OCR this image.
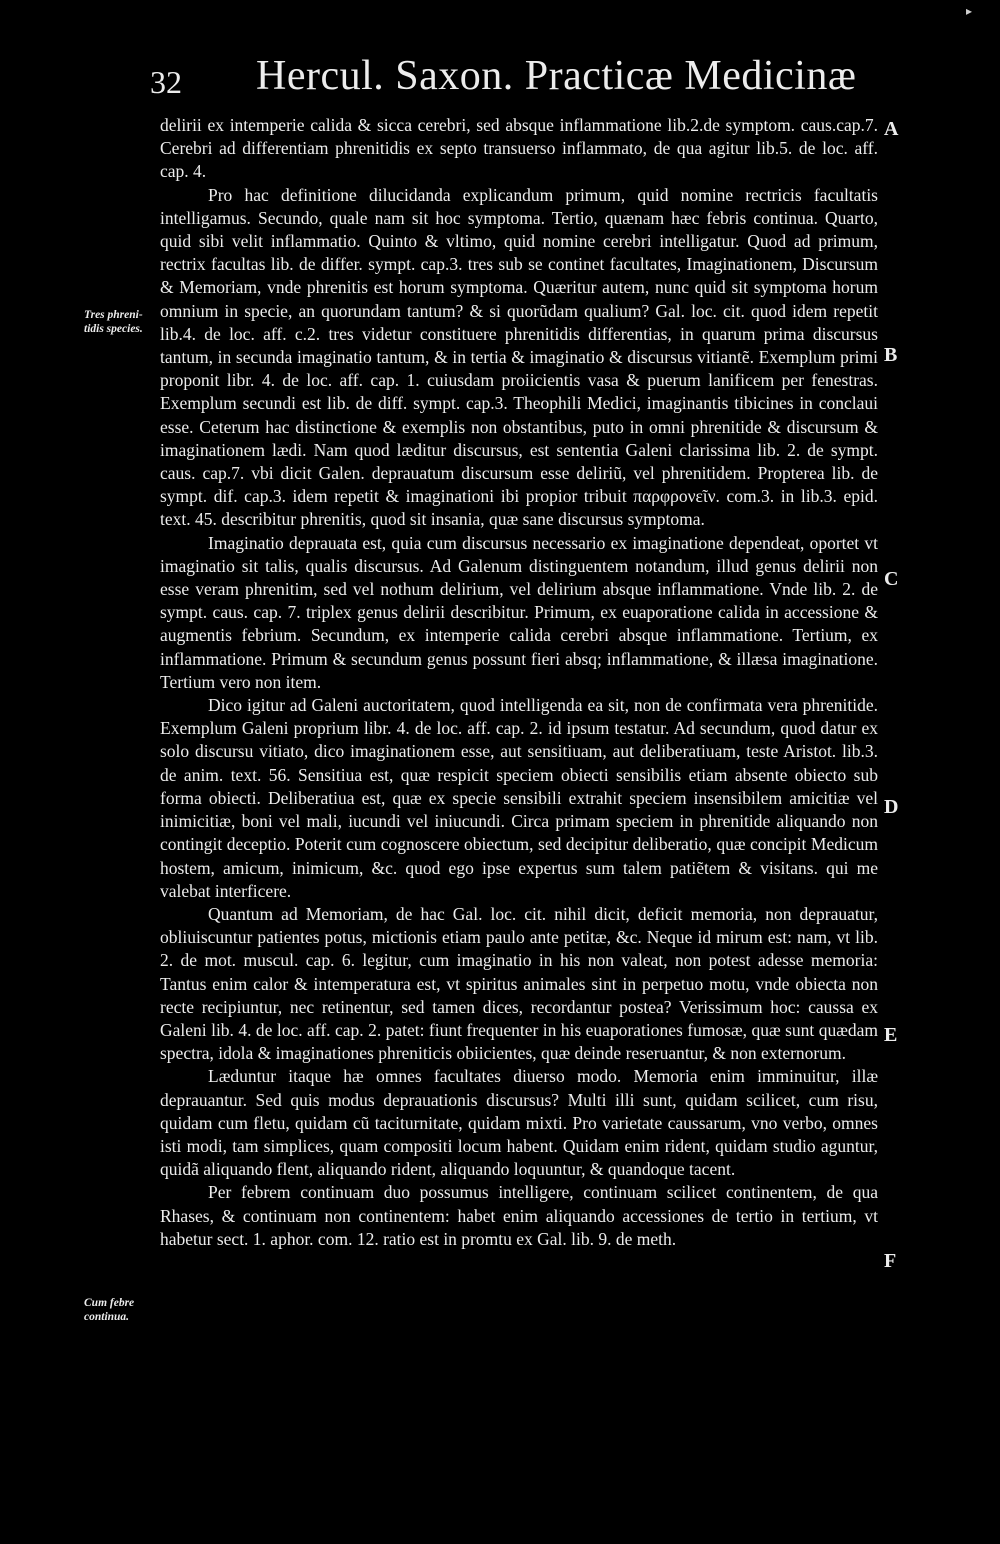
▸
32 Hercul. Saxon. Practicæ Medicinæ
Tres phreni-tidis species.
Cum febre continua.
A
B
C
D
E
F

delirii ex intemperie calida & sicca cerebri, sed absque inflammatione lib.2.de symptom. caus.cap.7. Cerebri ad differentiam phrenitidis ex septo transuerso inflammato, de qua agitur lib.5. de loc. aff. cap. 4.

Pro hac definitione dilucidanda explicandum primum, quid nomine rectricis facultatis intelligamus. Secundo, quale nam sit hoc symptoma. Tertio, quænam hæc febris continua. Quarto, quid sibi velit inflammatio. Quinto & vltimo, quid nomine cerebri intelligatur. Quod ad primum, rectrix facultas lib. de differ. sympt. cap.3. tres sub se continet facultates, Imaginationem, Discursum & Memoriam, vnde phrenitis est horum symptoma. Quæritur autem, nunc quid sit symptoma horum omnium in specie, an quorundam tantum? & si quorũdam qualium? Gal. loc. cit. quod idem repetit lib.4. de loc. aff. c.2. tres videtur constituere phrenitidis differentias, in quarum prima discursus tantum, in secunda imaginatio tantum, & in tertia & imaginatio & discursus vitiantẽ. Exemplum primi proponit libr. 4. de loc. aff. cap. 1. cuiusdam proiicientis vasa & puerum lanificem per fenestras. Exemplum secundi est lib. de diff. sympt. cap.3. Theophili Medici, imaginantis tibicines in conclaui esse. Ceterum hac distinctione & exemplis non obstantibus, puto in omni phrenitide & discursum & imaginationem lædi. Nam quod læditur discursus, est sententia Galeni clarissima lib. 2. de sympt. caus. cap.7. vbi dicit Galen. deprauatum discursum esse deliriũ, vel phrenitidem. Propterea lib. de sympt. dif. cap.3. idem repetit & imaginationi ibi propior tribuit παρφρονεῖν. com.3. in lib.3. epid. text. 45. describitur phrenitis, quod sit insania, quæ sane discursus symptoma.

Imaginatio deprauata est, quia cum discursus necessario ex imaginatione dependeat, oportet vt imaginatio sit talis, qualis discursus. Ad Galenum distinguentem notandum, illud genus delirii non esse veram phrenitim, sed vel nothum delirium, vel delirium absque inflammatione. Vnde lib. 2. de sympt. caus. cap. 7. triplex genus delirii describitur. Primum, ex euaporatione calida in accessione & augmentis febrium. Secundum, ex intemperie calida cerebri absque inflammatione. Tertium, ex inflammatione. Primum & secundum genus possunt fieri absq; inflammatione, & illæsa imaginatione. Tertium vero non item.

Dico igitur ad Galeni auctoritatem, quod intelligenda ea sit, non de confirmata vera phrenitide. Exemplum Galeni proprium libr. 4. de loc. aff. cap. 2. id ipsum testatur. Ad secundum, quod datur ex solo discursu vitiato, dico imaginationem esse, aut sensitiuam, aut deliberatiuam, teste Aristot. lib.3. de anim. text. 56. Sensitiua est, quæ respicit speciem obiecti sensibilis etiam absente obiecto sub forma obiecti. Deliberatiua est, quæ ex specie sensibili extrahit speciem insensibilem amicitiæ vel inimicitiæ, boni vel mali, iucundi vel iniucundi. Circa primam speciem in phrenitide aliquando non contingit deceptio. Poterit cum cognoscere obiectum, sed decipitur deliberatio, quæ concipit Medicum hostem, amicum, inimicum, &c. quod ego ipse expertus sum talem patiẽtem & visitans. qui me valebat interficere.

Quantum ad Memoriam, de hac Gal. loc. cit. nihil dicit, deficit memoria, non deprauatur, obliuiscuntur patientes potus, mictionis etiam paulo ante petitæ, &c. Neque id mirum est: nam, vt lib. 2. de mot. muscul. cap. 6. legitur, cum imaginatio in his non valeat, non potest adesse memoria: Tantus enim calor & intemperatura est, vt spiritus animales sint in perpetuo motu, vnde obiecta non recte recipiuntur, nec retinentur, sed tamen dices, recordantur postea? Verissimum hoc: caussa ex Galeni lib. 4. de loc. aff. cap. 2. patet: fiunt frequenter in his euaporationes fumosæ, quæ sunt quædam spectra, idola & imaginationes phreniticis obiicientes, quæ deinde reseruantur, & non externorum.

Læduntur itaque hæ omnes facultates diuerso modo. Memoria enim imminuitur, illæ deprauantur. Sed quis modus deprauationis discursus? Multi illi sunt, quidam scilicet, cum risu, quidam cum fletu, quidam cũ taciturnitate, quidam mixti. Pro varietate caussarum, vno verbo, omnes isti modi, tam simplices, quam compositi locum habent. Quidam enim rident, quidam studio aguntur, quidã aliquando flent, aliquando rident, aliquando loquuntur, & quandoque tacent.

Per febrem continuam duo possumus intelligere, continuam scilicet continentem, de qua Rhases, & continuam non continentem: habet enim aliquando accessiones de tertio in tertium, vt habetur sect. 1. aphor. com. 12. ratio est in promtu ex Gal. lib. 9. de meth.
